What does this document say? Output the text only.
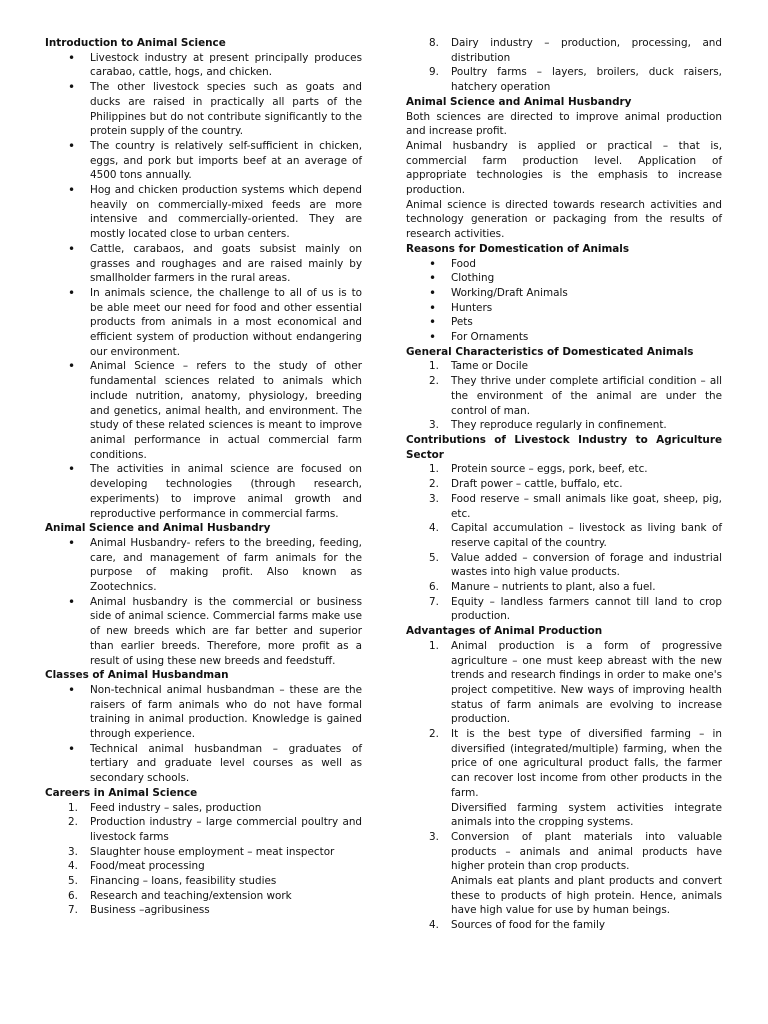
Introduction to Animal Science
• Livestock industry at present principally produces carabao, cattle, hogs, and chicken.
• The other livestock species such as goats and ducks are raised in practically all parts of the Philippines but do not contribute significantly to the protein supply of the country.
• The country is relatively self-sufficient in chicken, eggs, and pork but imports beef at an average of 4500 tons annually.
• Hog and chicken production systems which depend heavily on commercially-mixed feeds are more intensive and commercially-oriented. They are mostly located close to urban centers.
• Cattle, carabaos, and goats subsist mainly on grasses and roughages and are raised mainly by smallholder farmers in the rural areas.
• In animals science, the challenge to all of us is to be able meet our need for food and other essential products from animals in a most economical and efficient system of production without endangering our environment.
• Animal Science – refers to the study of other fundamental sciences related to animals which include nutrition, anatomy, physiology, breeding and genetics, animal health, and environment. The study of these related sciences is meant to improve animal performance in actual commercial farm conditions.
• The activities in animal science are focused on developing technologies (through research, experiments) to improve animal growth and reproductive performance in commercial farms.
Animal Science and Animal Husbandry
• Animal Husbandry- refers to the breeding, feeding, care, and management of farm animals for the purpose of making profit. Also known as Zootechnics.
• Animal husbandry is the commercial or business side of animal science. Commercial farms make use of new breeds which are far better and superior than earlier breeds. Therefore, more profit as a result of using these new breeds and feedstuff.
Classes of Animal Husbandman
• Non-technical animal husbandman – these are the raisers of farm animals who do not have formal training in animal production. Knowledge is gained through experience.
• Technical animal husbandman – graduates of tertiary and graduate level courses as well as secondary schools.
Careers in Animal Science
1. Feed industry – sales, production
2. Production industry – large commercial poultry and livestock farms
3. Slaughter house employment – meat inspector
4. Food/meat processing
5. Financing – loans, feasibility studies
6. Research and teaching/extension work
7. Business –agribusiness
8. Dairy industry – production, processing, and distribution
9. Poultry farms – layers, broilers, duck raisers, hatchery operation
Animal Science and Animal Husbandry

Both sciences are directed to improve animal production and increase profit.

Animal husbandry is applied or practical – that is, commercial farm production level. Application of appropriate technologies is the emphasis to increase production.

Animal science is directed towards research activities and technology generation or packaging from the results of research activities.

Reasons for Domestication of Animals
• Food
• Clothing
• Working/Draft Animals
• Hunters
• Pets
• For Ornaments
General Characteristics of Domesticated Animals
1. Tame or Docile
2. They thrive under complete artificial condition – all the environment of the animal are under the control of man.
3. They reproduce regularly in confinement.
Contributions of Livestock Industry to Agriculture Sector
1. Protein source – eggs, pork, beef, etc.
2. Draft power – cattle, buffalo, etc.
3. Food reserve – small animals like goat, sheep, pig, etc.
4. Capital accumulation – livestock as living bank of reserve capital of the country.
5. Value added – conversion of forage and industrial wastes into high value products.
6. Manure – nutrients to plant, also a fuel.
7. Equity – landless farmers cannot till land to crop production.
Advantages of Animal Production
1. Animal production is a form of progressive agriculture – one must keep abreast with the new trends and research findings in order to make one's project competitive. New ways of improving health status of farm animals are evolving to increase production.
2. It is the best type of diversified farming – in diversified (integrated/multiple) farming, when the price of one agricultural product falls, the farmer can recover lost income from other products in the farm.
Diversified farming system activities integrate animals into the cropping systems.
3. Conversion of plant materials into valuable products – animals and animal products have higher protein than crop products.
Animals eat plants and plant products and convert these to products of high protein. Hence, animals have high value for use by human beings.
4. Sources of food for the family
